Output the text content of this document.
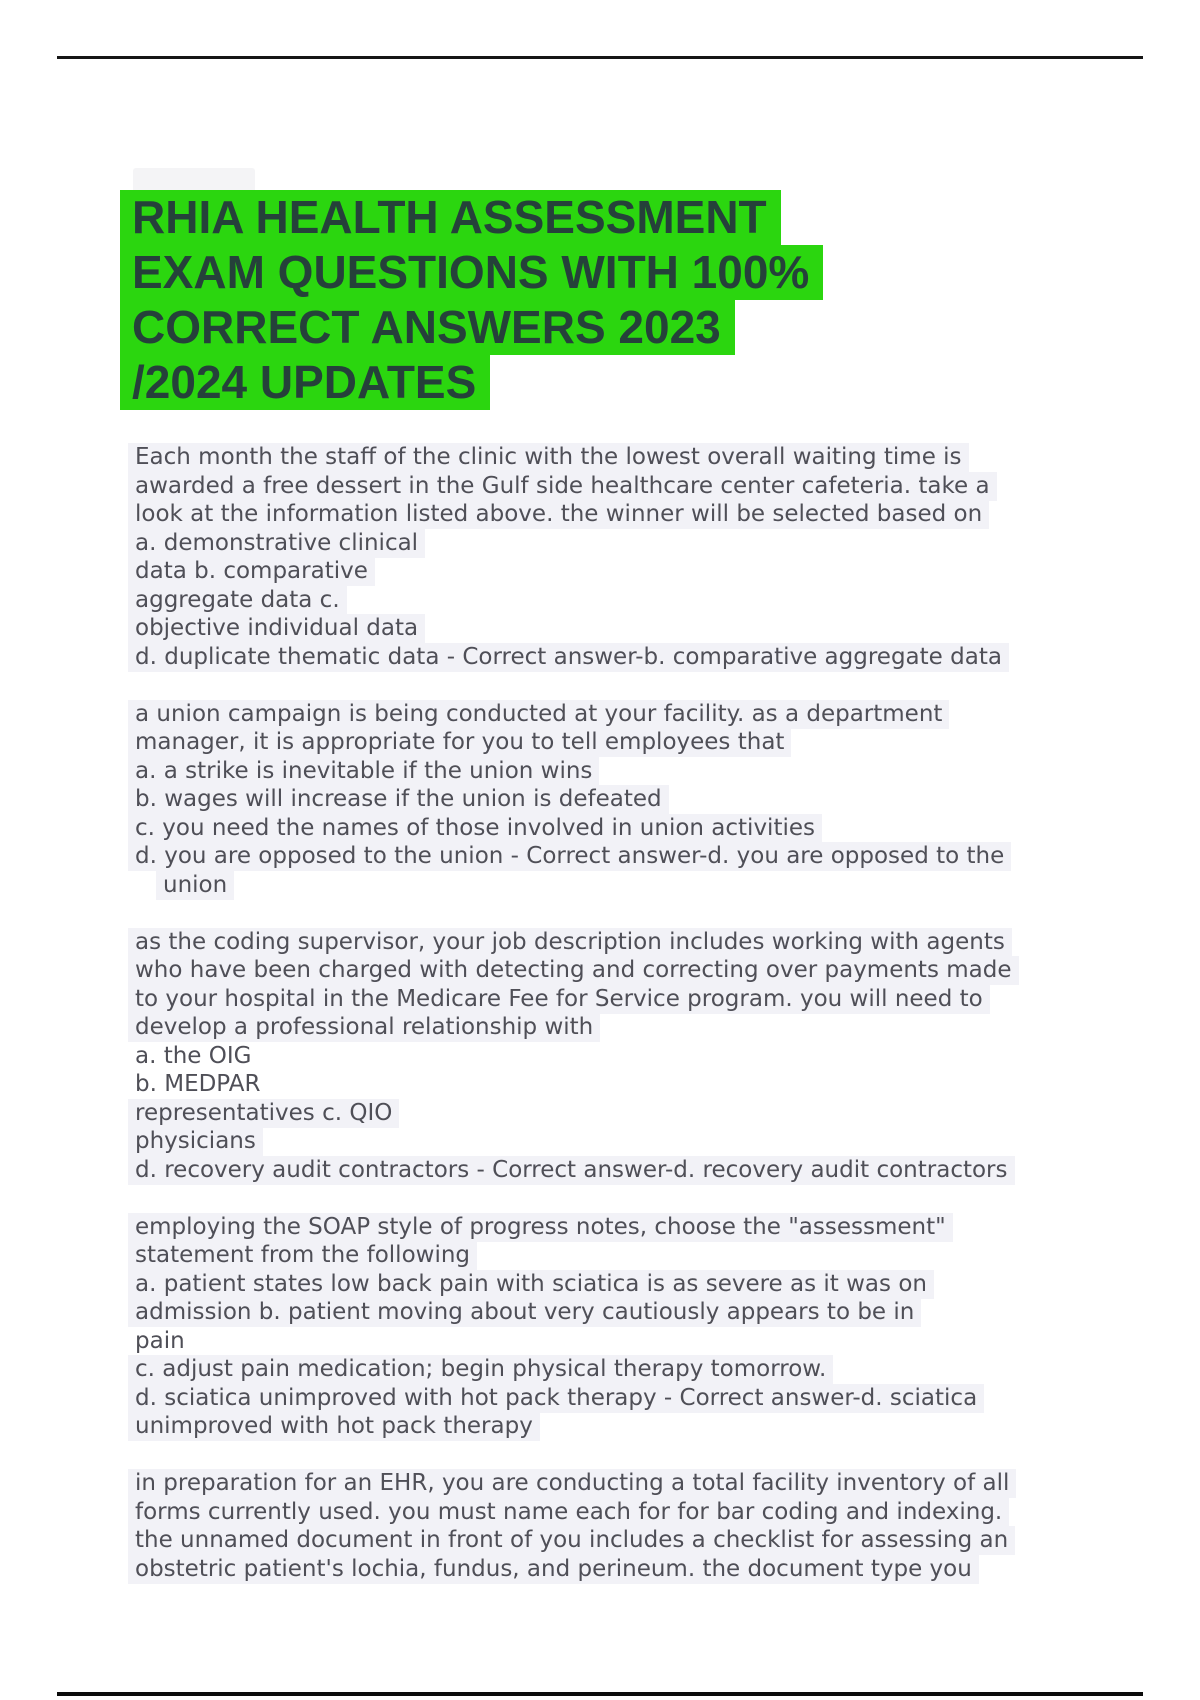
RHIA HEALTH ASSESSMENT
EXAM QUESTIONS WITH 100%
CORRECT ANSWERS 2023
/2024 UPDATES
Each month the staff of the clinic with the lowest overall waiting time is
awarded a free dessert in the Gulf side healthcare center cafeteria. take a
look at the information listed above. the winner will be selected based on
a. demonstrative clinical
data b. comparative
aggregate data c.
objective individual data
d. duplicate thematic data - Correct answer-b. comparative aggregate data
a union campaign is being conducted at your facility. as a department
manager, it is appropriate for you to tell employees that
a. a strike is inevitable if the union wins
b. wages will increase if the union is defeated
c. you need the names of those involved in union activities
d. you are opposed to the union - Correct answer-d. you are opposed to the
union
as the coding supervisor, your job description includes working with agents
who have been charged with detecting and correcting over payments made
to your hospital in the Medicare Fee for Service program. you will need to
develop a professional relationship with
a. the OIG
b. MEDPAR
representatives c. QIO
physicians
d. recovery audit contractors - Correct answer-d. recovery audit contractors
employing the SOAP style of progress notes, choose the "assessment"
statement from the following
a. patient states low back pain with sciatica is as severe as it was on
admission b. patient moving about very cautiously appears to be in
pain
c. adjust pain medication; begin physical therapy tomorrow.
d. sciatica unimproved with hot pack therapy - Correct answer-d. sciatica
unimproved with hot pack therapy
in preparation for an EHR, you are conducting a total facility inventory of all
forms currently used. you must name each for for bar coding and indexing.
the unnamed document in front of you includes a checklist for assessing an
obstetric patient's lochia, fundus, and perineum. the document type you
